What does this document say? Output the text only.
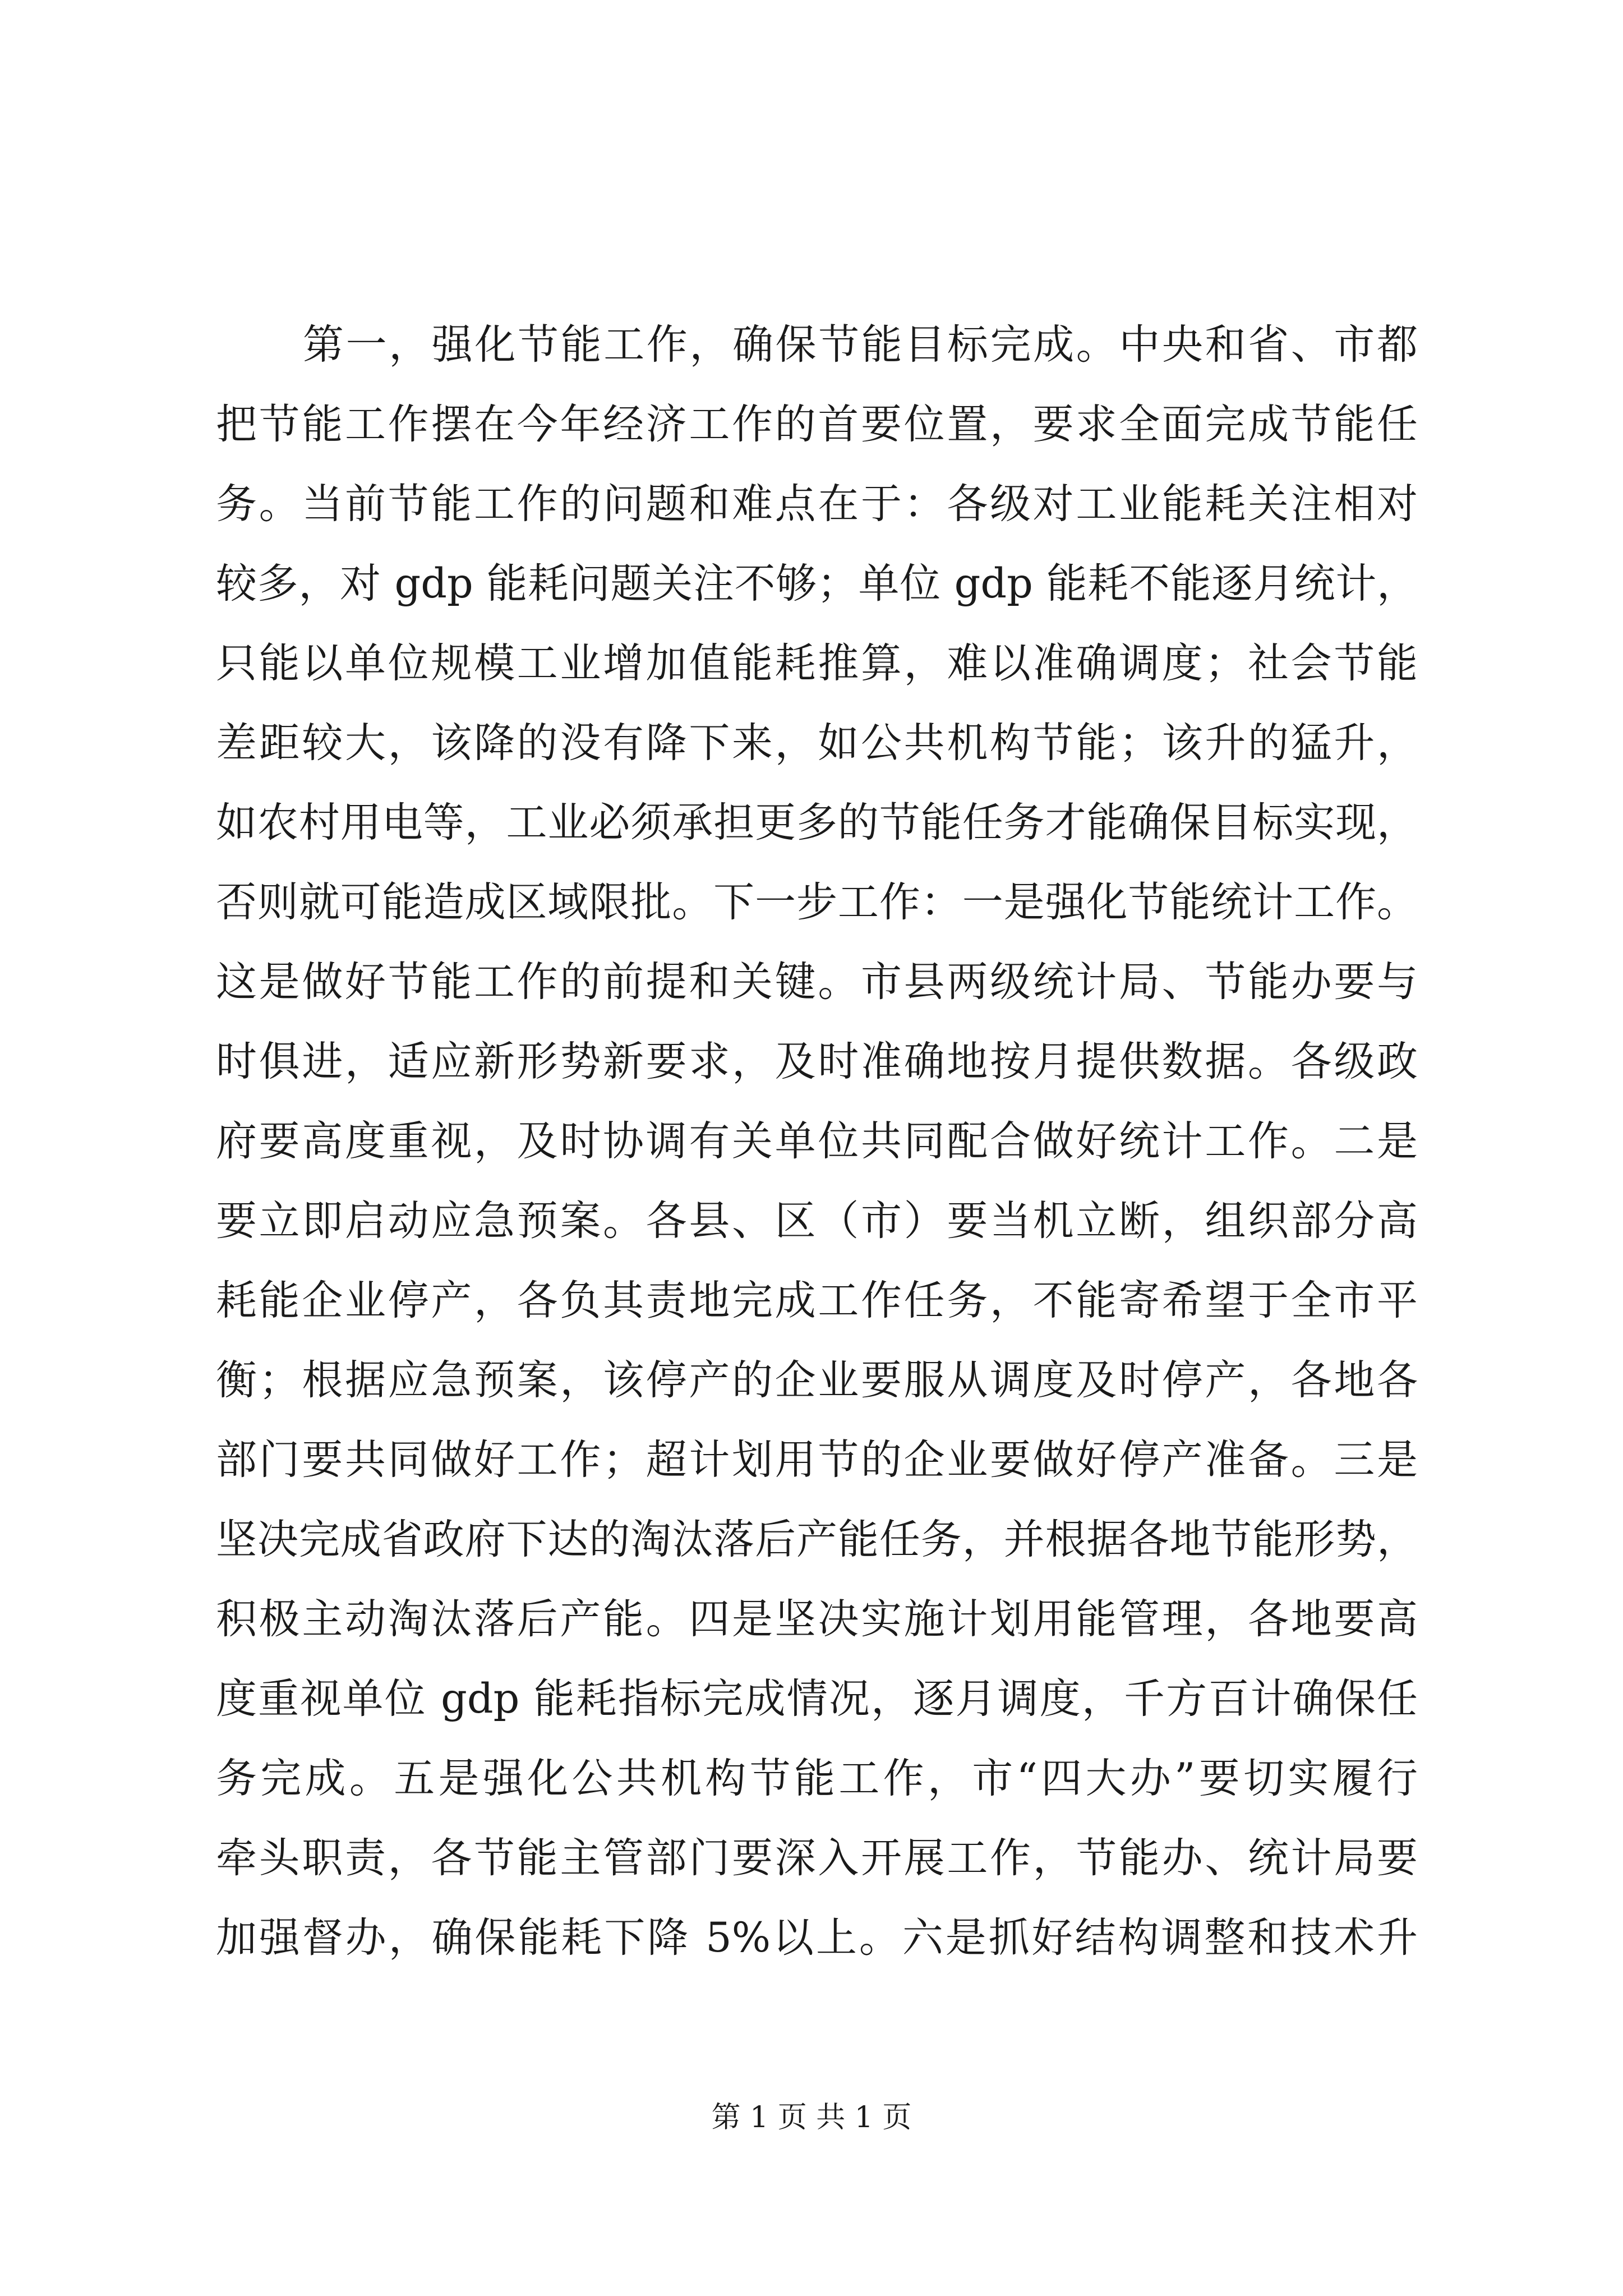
第一，强化节能工作，确保节能目标完成。中央和省、市都
把节能工作摆在今年经济工作的首要位置，要求全面完成节能任
务。当前节能工作的问题和难点在于：各级对工业能耗关注相对
较多，对 gdp 能耗问题关注不够；单位 gdp 能耗不能逐月统计，
只能以单位规模工业增加值能耗推算，难以准确调度；社会节能
差距较大，该降的没有降下来，如公共机构节能；该升的猛升，
如农村用电等，工业必须承担更多的节能任务才能确保目标实现，
否则就可能造成区域限批。下一步工作：一是强化节能统计工作。
这是做好节能工作的前提和关键。市县两级统计局、节能办要与
时俱进，适应新形势新要求，及时准确地按月提供数据。各级政
府要高度重视，及时协调有关单位共同配合做好统计工作。二是
要立即启动应急预案。各县、区（市）要当机立断，组织部分高
耗能企业停产，各负其责地完成工作任务，不能寄希望于全市平
衡；根据应急预案，该停产的企业要服从调度及时停产，各地各
部门要共同做好工作；超计划用节的企业要做好停产准备。三是
坚决完成省政府下达的淘汰落后产能任务，并根据各地节能形势，
积极主动淘汰落后产能。四是坚决实施计划用能管理，各地要高
度重视单位 gdp 能耗指标完成情况，逐月调度，千方百计确保任
务完成。五是强化公共机构节能工作，市“四大办”要切实履行
牵头职责，各节能主管部门要深入开展工作，节能办、统计局要
加强督办，确保能耗下降 5%以上。六是抓好结构调整和技术升

第 1 页 共 1 页
